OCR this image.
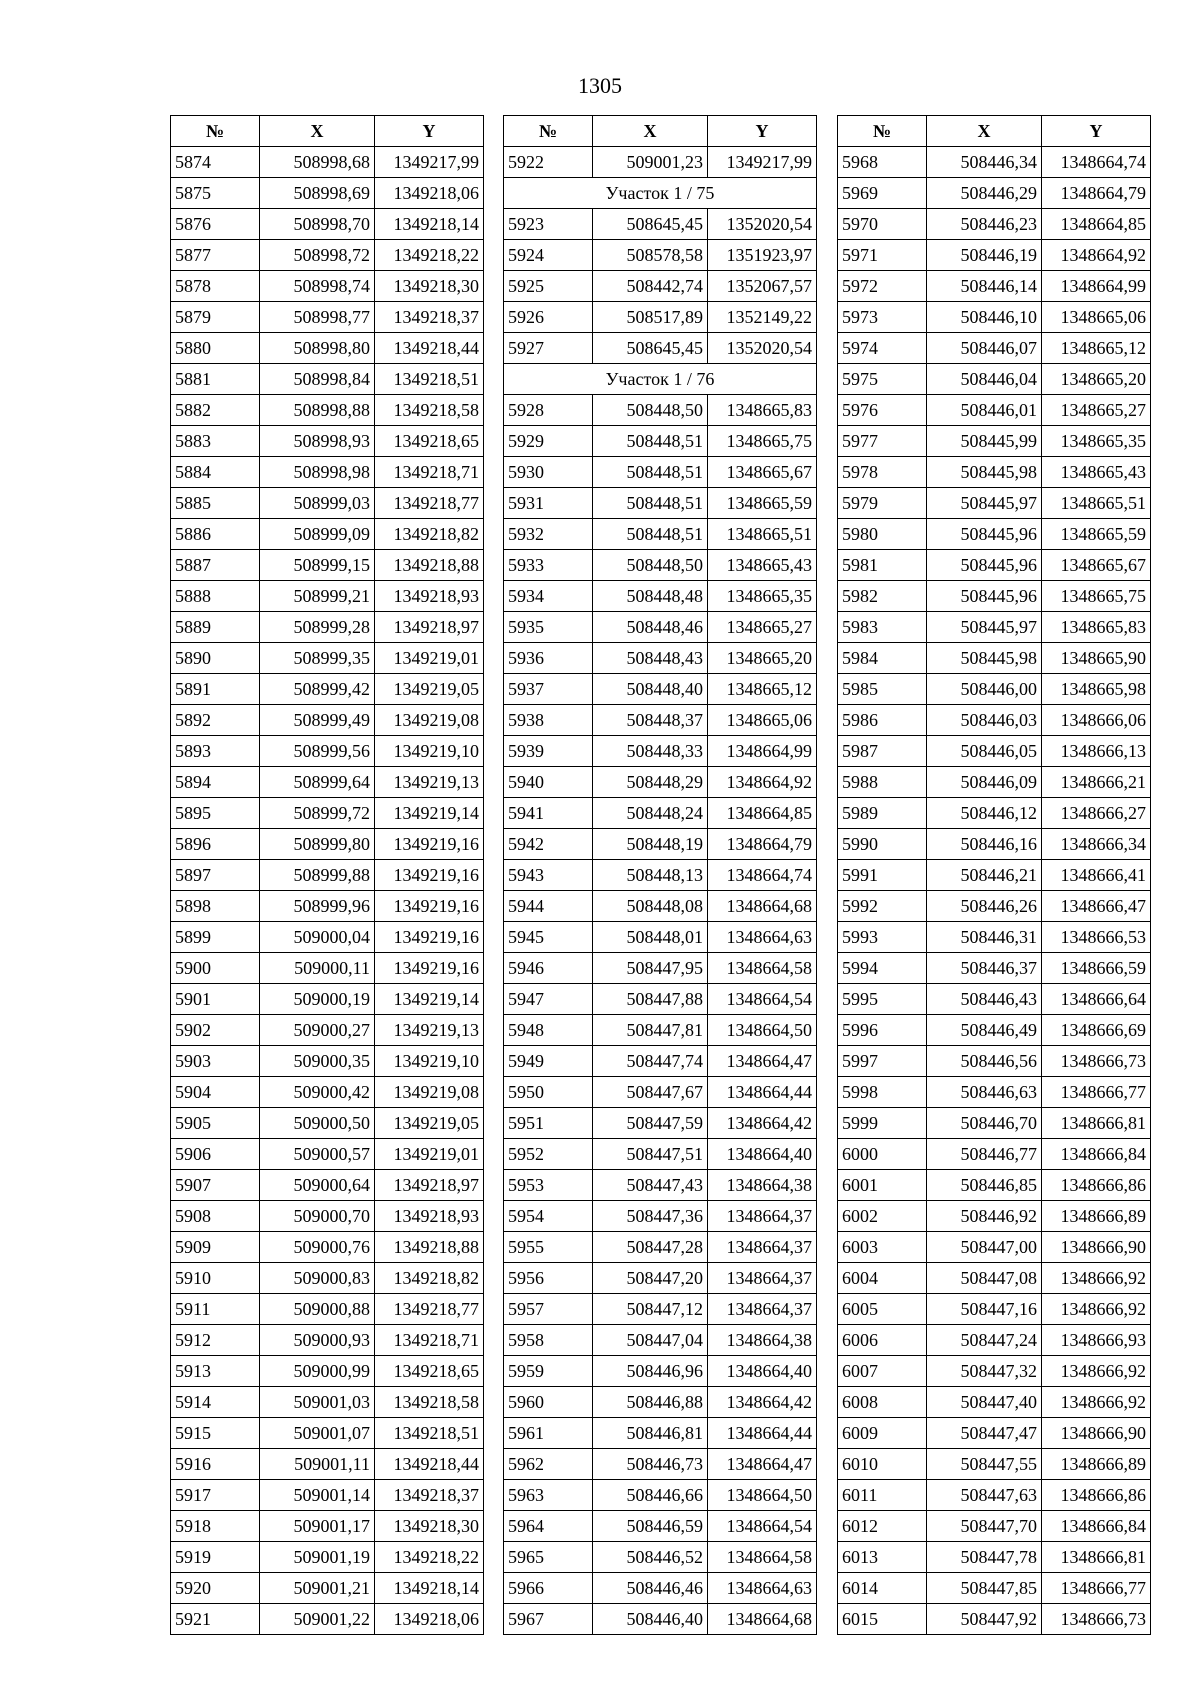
1305
№	X	Y
5874	508998,68	1349217,99
5875	508998,69	1349218,06
5876	508998,70	1349218,14
5877	508998,72	1349218,22
5878	508998,74	1349218,30
5879	508998,77	1349218,37
5880	508998,80	1349218,44
5881	508998,84	1349218,51
5882	508998,88	1349218,58
5883	508998,93	1349218,65
5884	508998,98	1349218,71
5885	508999,03	1349218,77
5886	508999,09	1349218,82
5887	508999,15	1349218,88
5888	508999,21	1349218,93
5889	508999,28	1349218,97
5890	508999,35	1349219,01
5891	508999,42	1349219,05
5892	508999,49	1349219,08
5893	508999,56	1349219,10
5894	508999,64	1349219,13
5895	508999,72	1349219,14
5896	508999,80	1349219,16
5897	508999,88	1349219,16
5898	508999,96	1349219,16
5899	509000,04	1349219,16
5900	509000,11	1349219,16
5901	509000,19	1349219,14
5902	509000,27	1349219,13
5903	509000,35	1349219,10
5904	509000,42	1349219,08
5905	509000,50	1349219,05
5906	509000,57	1349219,01
5907	509000,64	1349218,97
5908	509000,70	1349218,93
5909	509000,76	1349218,88
5910	509000,83	1349218,82
5911	509000,88	1349218,77
5912	509000,93	1349218,71
5913	509000,99	1349218,65
5914	509001,03	1349218,58
5915	509001,07	1349218,51
5916	509001,11	1349218,44
5917	509001,14	1349218,37
5918	509001,17	1349218,30
5919	509001,19	1349218,22
5920	509001,21	1349218,14
5921	509001,22	1349218,06
№	X	Y
5922	509001,23	1349217,99
Участок 1 / 75		
5923	508645,45	1352020,54
5924	508578,58	1351923,97
5925	508442,74	1352067,57
5926	508517,89	1352149,22
5927	508645,45	1352020,54
Участок 1 / 76		
5928	508448,50	1348665,83
5929	508448,51	1348665,75
5930	508448,51	1348665,67
5931	508448,51	1348665,59
5932	508448,51	1348665,51
5933	508448,50	1348665,43
5934	508448,48	1348665,35
5935	508448,46	1348665,27
5936	508448,43	1348665,20
5937	508448,40	1348665,12
5938	508448,37	1348665,06
5939	508448,33	1348664,99
5940	508448,29	1348664,92
5941	508448,24	1348664,85
5942	508448,19	1348664,79
5943	508448,13	1348664,74
5944	508448,08	1348664,68
5945	508448,01	1348664,63
5946	508447,95	1348664,58
5947	508447,88	1348664,54
5948	508447,81	1348664,50
5949	508447,74	1348664,47
5950	508447,67	1348664,44
5951	508447,59	1348664,42
5952	508447,51	1348664,40
5953	508447,43	1348664,38
5954	508447,36	1348664,37
5955	508447,28	1348664,37
5956	508447,20	1348664,37
5957	508447,12	1348664,37
5958	508447,04	1348664,38
5959	508446,96	1348664,40
5960	508446,88	1348664,42
5961	508446,81	1348664,44
5962	508446,73	1348664,47
5963	508446,66	1348664,50
5964	508446,59	1348664,54
5965	508446,52	1348664,58
5966	508446,46	1348664,63
5967	508446,40	1348664,68
№	X	Y
5968	508446,34	1348664,74
5969	508446,29	1348664,79
5970	508446,23	1348664,85
5971	508446,19	1348664,92
5972	508446,14	1348664,99
5973	508446,10	1348665,06
5974	508446,07	1348665,12
5975	508446,04	1348665,20
5976	508446,01	1348665,27
5977	508445,99	1348665,35
5978	508445,98	1348665,43
5979	508445,97	1348665,51
5980	508445,96	1348665,59
5981	508445,96	1348665,67
5982	508445,96	1348665,75
5983	508445,97	1348665,83
5984	508445,98	1348665,90
5985	508446,00	1348665,98
5986	508446,03	1348666,06
5987	508446,05	1348666,13
5988	508446,09	1348666,21
5989	508446,12	1348666,27
5990	508446,16	1348666,34
5991	508446,21	1348666,41
5992	508446,26	1348666,47
5993	508446,31	1348666,53
5994	508446,37	1348666,59
5995	508446,43	1348666,64
5996	508446,49	1348666,69
5997	508446,56	1348666,73
5998	508446,63	1348666,77
5999	508446,70	1348666,81
6000	508446,77	1348666,84
6001	508446,85	1348666,86
6002	508446,92	1348666,89
6003	508447,00	1348666,90
6004	508447,08	1348666,92
6005	508447,16	1348666,92
6006	508447,24	1348666,93
6007	508447,32	1348666,92
6008	508447,40	1348666,92
6009	508447,47	1348666,90
6010	508447,55	1348666,89
6011	508447,63	1348666,86
6012	508447,70	1348666,84
6013	508447,78	1348666,81
6014	508447,85	1348666,77
6015	508447,92	1348666,73
